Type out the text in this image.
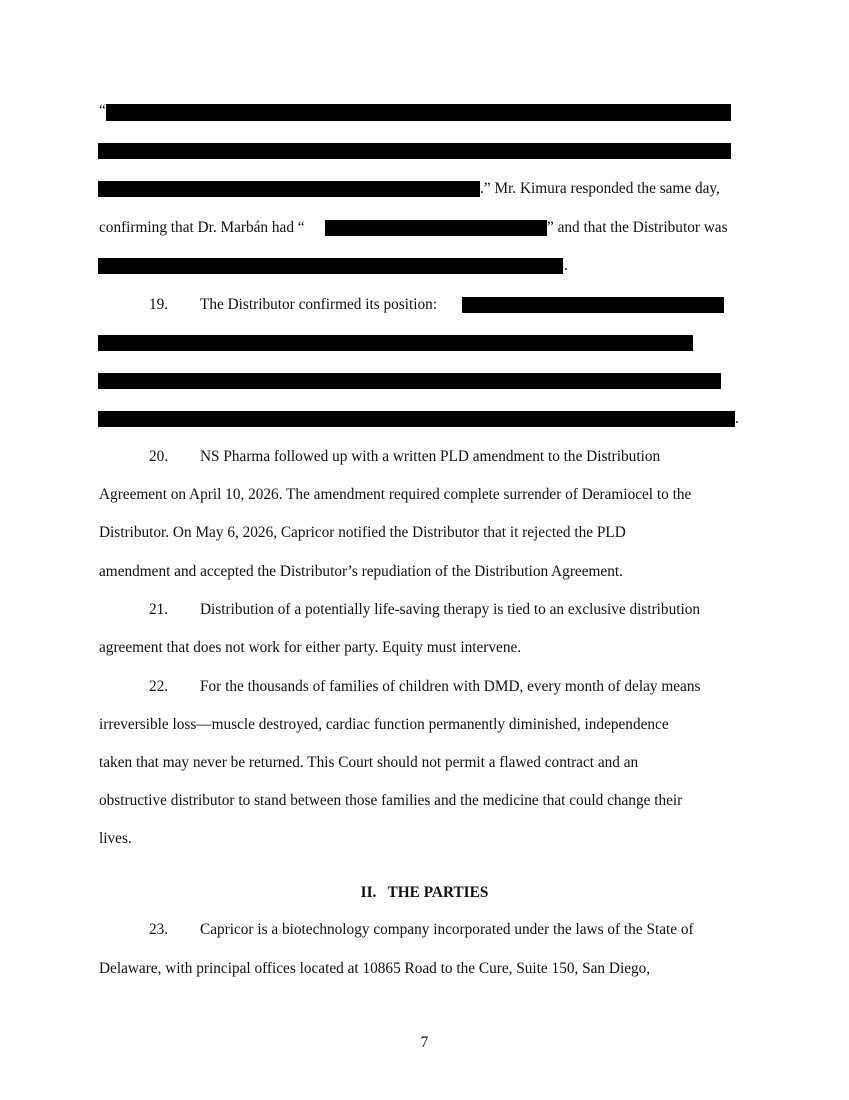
“
.” Mr. Kimura responded the same day,
confirming that Dr. Marbán had “	” and that the Distributor was
.
19. The Distributor confirmed its position:
.
20. NS Pharma followed up with a written PLD amendment to the Distribution
Agreement on April 10, 2026. The amendment required complete surrender of Deramiocel to the
Distributor. On May 6, 2026, Capricor notified the Distributor that it rejected the PLD
amendment and accepted the Distributor’s repudiation of the Distribution Agreement.
21. Distribution of a potentially life-saving therapy is tied to an exclusive distribution
agreement that does not work for either party. Equity must intervene.
22. For the thousands of families of children with DMD, every month of delay means
irreversible loss—muscle destroyed, cardiac function permanently diminished, independence
taken that may never be returned. This Court should not permit a flawed contract and an
obstructive distributor to stand between those families and the medicine that could change their
lives.
II.   THE PARTIES
23. Capricor is a biotechnology company incorporated under the laws of the State of
Delaware, with principal offices located at 10865 Road to the Cure, Suite 150, San Diego,
7
